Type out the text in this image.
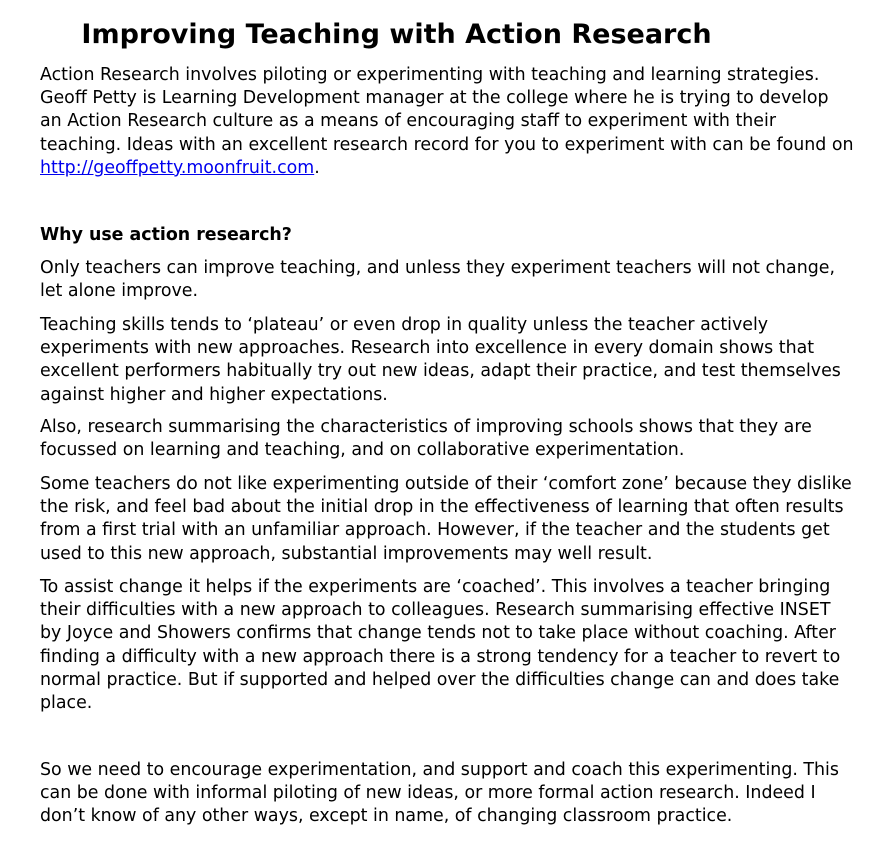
Improving Teaching with Action Research

Action Research involves piloting or experimenting with teaching and learning strategies. Geoff Petty is Learning Development manager at the college where he is trying to develop an Action Research culture as a means of encouraging staff to experiment with their teaching. Ideas with an excellent research record for you to experiment with can be found on http://geoffpetty.moonfruit.com.

Why use action research?

Only teachers can improve teaching, and unless they experiment teachers will not change, let alone improve.

Teaching skills tends to ‘plateau’ or even drop in quality unless the teacher actively experiments with new approaches. Research into excellence in every domain shows that excellent performers habitually try out new ideas, adapt their practice, and test themselves against higher and higher expectations.

Also, research summarising the characteristics of improving schools shows that they are focussed on learning and teaching, and on collaborative experimentation.

Some teachers do not like experimenting outside of their ‘comfort zone’ because they dislike the risk, and feel bad about the initial drop in the effectiveness of learning that often results from a first trial with an unfamiliar approach. However, if the teacher and the students get used to this new approach, substantial improvements may well result.

To assist change it helps if the experiments are ‘coached’. This involves a teacher bringing their difficulties with a new approach to colleagues. Research summarising effective INSET by Joyce and Showers confirms that change tends not to take place without coaching. After finding a difficulty with a new approach there is a strong tendency for a teacher to revert to normal practice. But if supported and helped over the difficulties change can and does take place.

So we need to encourage experimentation, and support and coach this experimenting. This can be done with informal piloting of new ideas, or more formal action research. Indeed I don’t know of any other ways, except in name, of changing classroom practice.
